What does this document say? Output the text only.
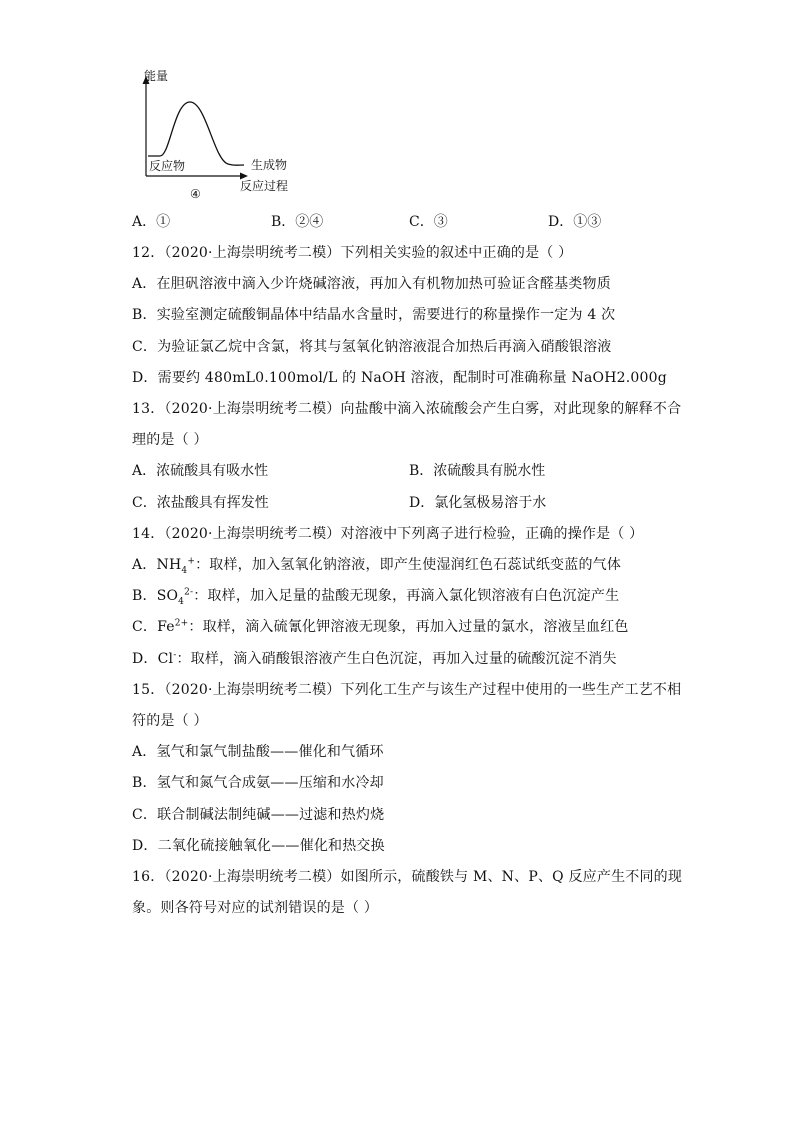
能量
反应物	生成物
反应过程
④
A．①	B．②④	C．③	D．①③
12．（2020·上海崇明统考二模）下列相关实验的叙述中正确的是（ ）
A．在胆矾溶液中滴入少许烧碱溶液，再加入有机物加热可验证含醛基类物质
B．实验室测定硫酸铜晶体中结晶水含量时，需要进行的称量操作一定为 4 次
C．为验证氯乙烷中含氯，将其与氢氧化钠溶液混合加热后再滴入硝酸银溶液
D．需要约 480mL0.100mol/L 的 NaOH 溶液，配制时可准确称量 NaOH2.000g
13．（2020·上海崇明统考二模）向盐酸中滴入浓硫酸会产生白雾，对此现象的解释不合
理的是（ ）
A．浓硫酸具有吸水性	B．浓硫酸具有脱水性
C．浓盐酸具有挥发性	D．氯化氢极易溶于水
14．（2020·上海崇明统考二模）对溶液中下列离子进行检验，正确的操作是（ ）
A．$NH_4^+$：取样，加入氢氧化钠溶液，即产生使湿润红色石蕊试纸变蓝的气体
B．$SO_4^{2-}$：取样，加入足量的盐酸无现象，再滴入氯化钡溶液有白色沉淀产生
C．$Fe^{2+}$：取样，滴入硫氰化钾溶液无现象，再加入过量的氯水，溶液呈血红色
D．Cl-：取样，滴入硝酸银溶液产生白色沉淀，再加入过量的硫酸沉淀不消失
15．（2020·上海崇明统考二模）下列化工生产与该生产过程中使用的一些生产工艺不相
符的是（ ）
A．氢气和氯气制盐酸——催化和气循环
B．氢气和氮气合成氨——压缩和水冷却
C．联合制碱法制纯碱——过滤和热灼烧
D．二氧化硫接触氧化——催化和热交换
16．（2020·上海崇明统考二模）如图所示，硫酸铁与 M、N、P、Q 反应产生不同的现
象。则各符号对应的试剂错误的是（ ）
